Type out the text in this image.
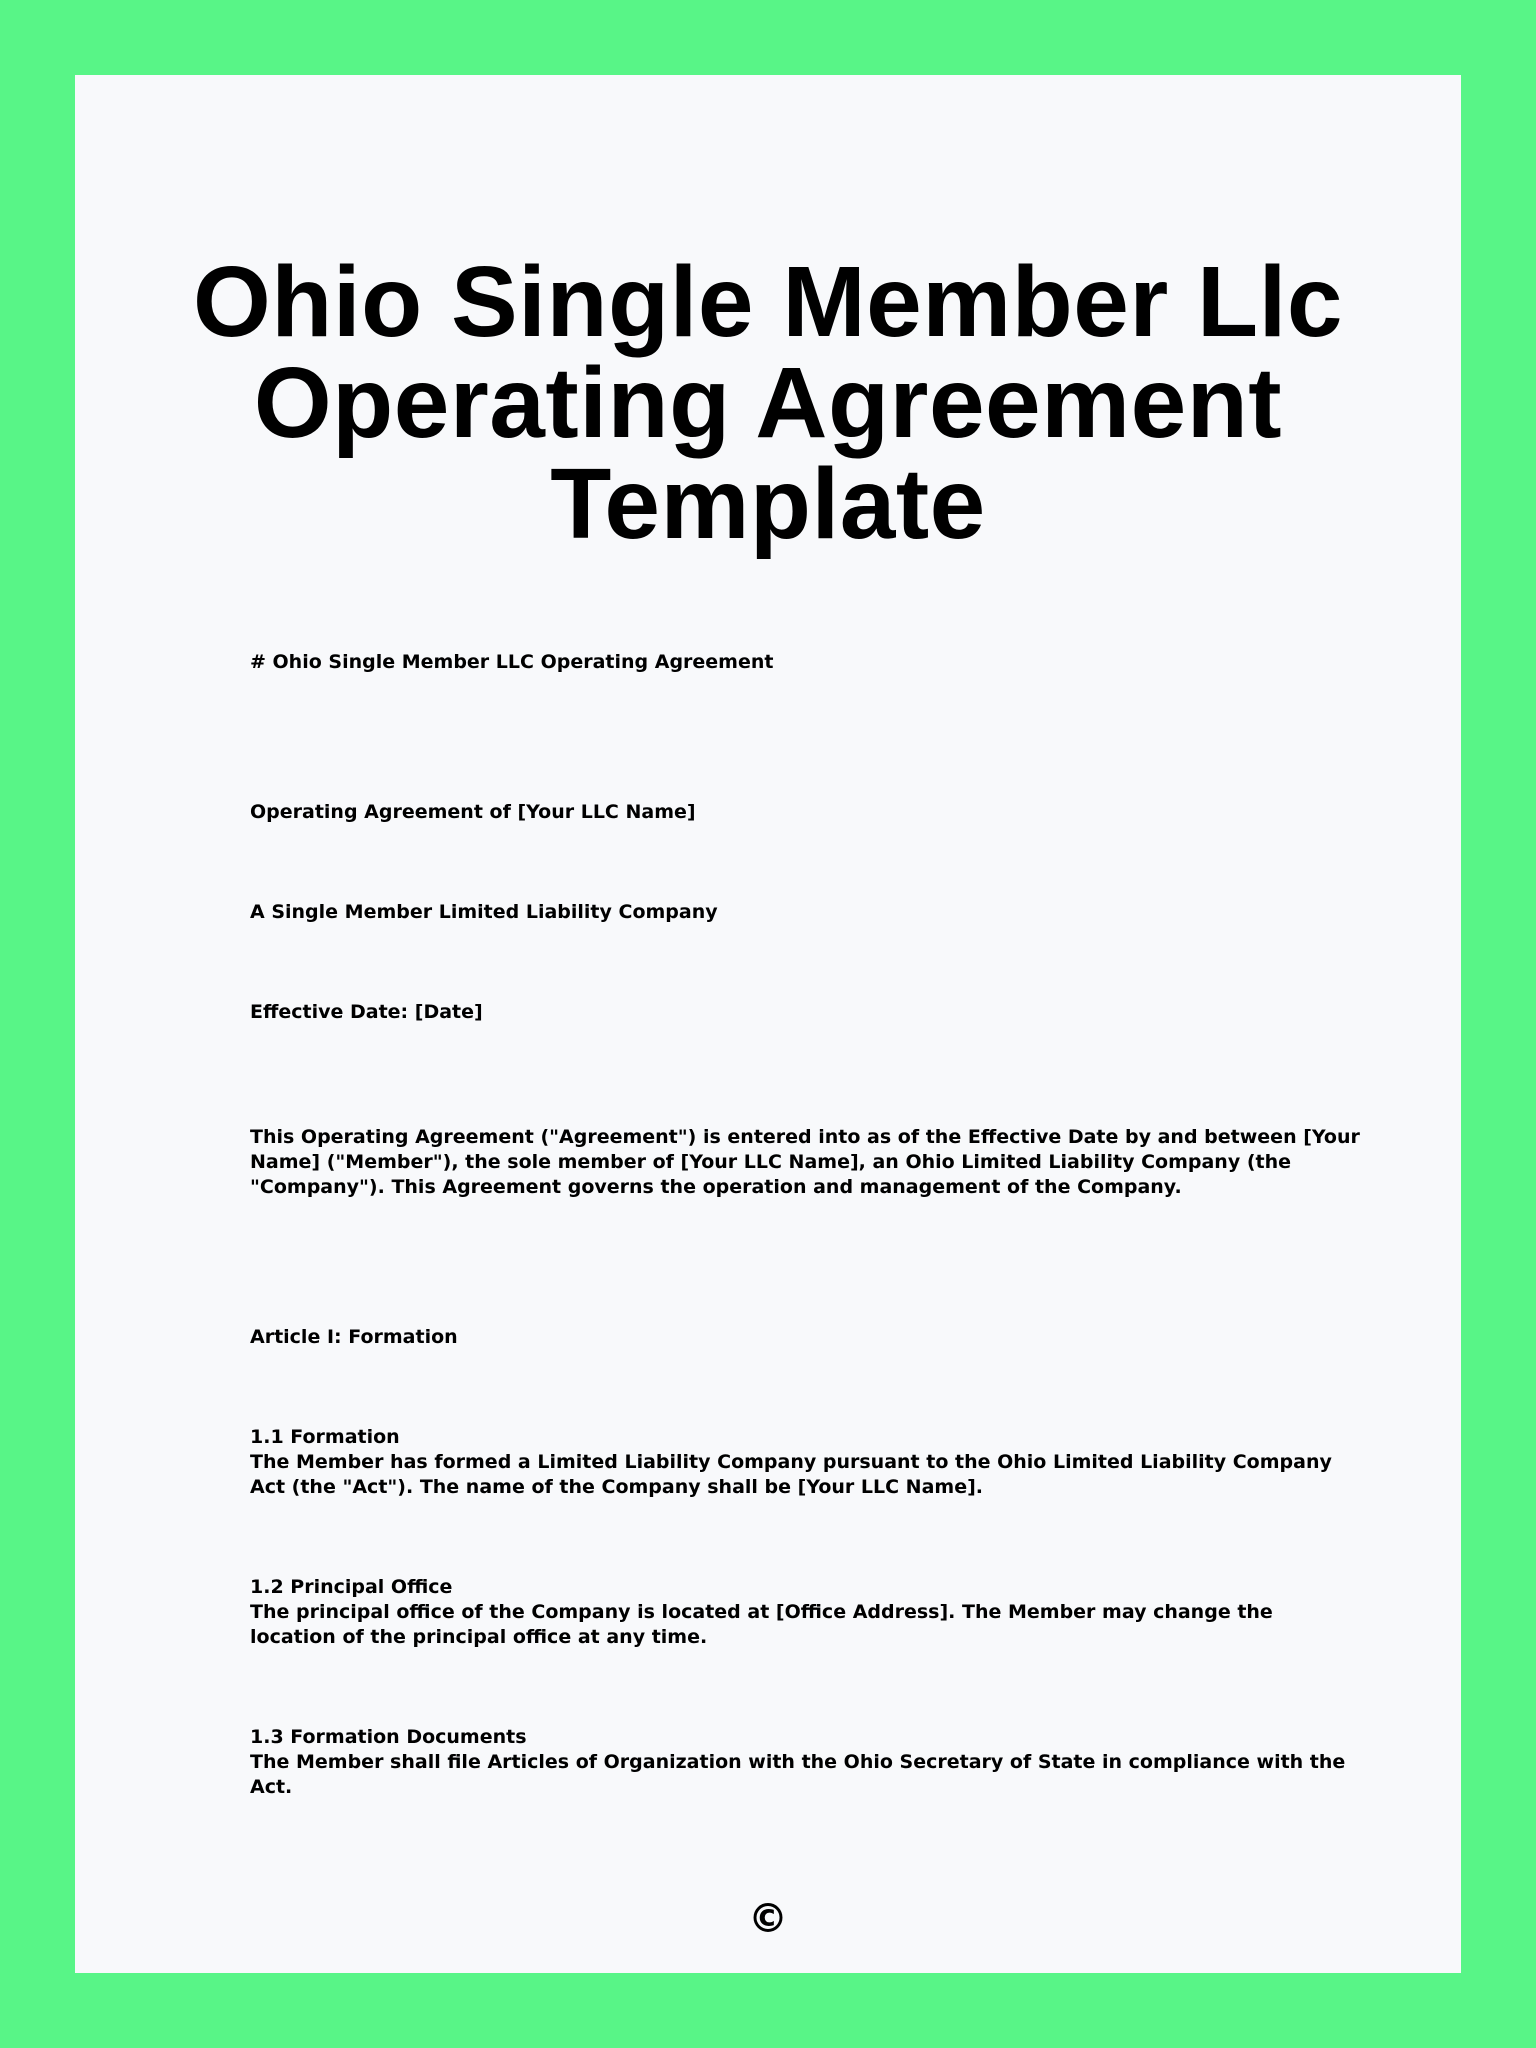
Ohio Single Member Llc Operating Agreement Template

# Ohio Single Member LLC Operating Agreement

Operating Agreement of [Your LLC Name]

A Single Member Limited Liability Company

Effective Date: [Date]

This Operating Agreement ("Agreement") is entered into as of the Effective Date by and between [Your Name] ("Member"), the sole member of [Your LLC Name], an Ohio Limited Liability Company (the "Company"). This Agreement governs the operation and management of the Company.

Article I: Formation

1.1 Formation
The Member has formed a Limited Liability Company pursuant to the Ohio Limited Liability Company Act (the "Act"). The name of the Company shall be [Your LLC Name].
1.2 Principal Office
The principal office of the Company is located at [Office Address]. The Member may change the location of the principal office at any time.
1.3 Formation Documents
The Member shall file Articles of Organization with the Ohio Secretary of State in compliance with the Act.
©
